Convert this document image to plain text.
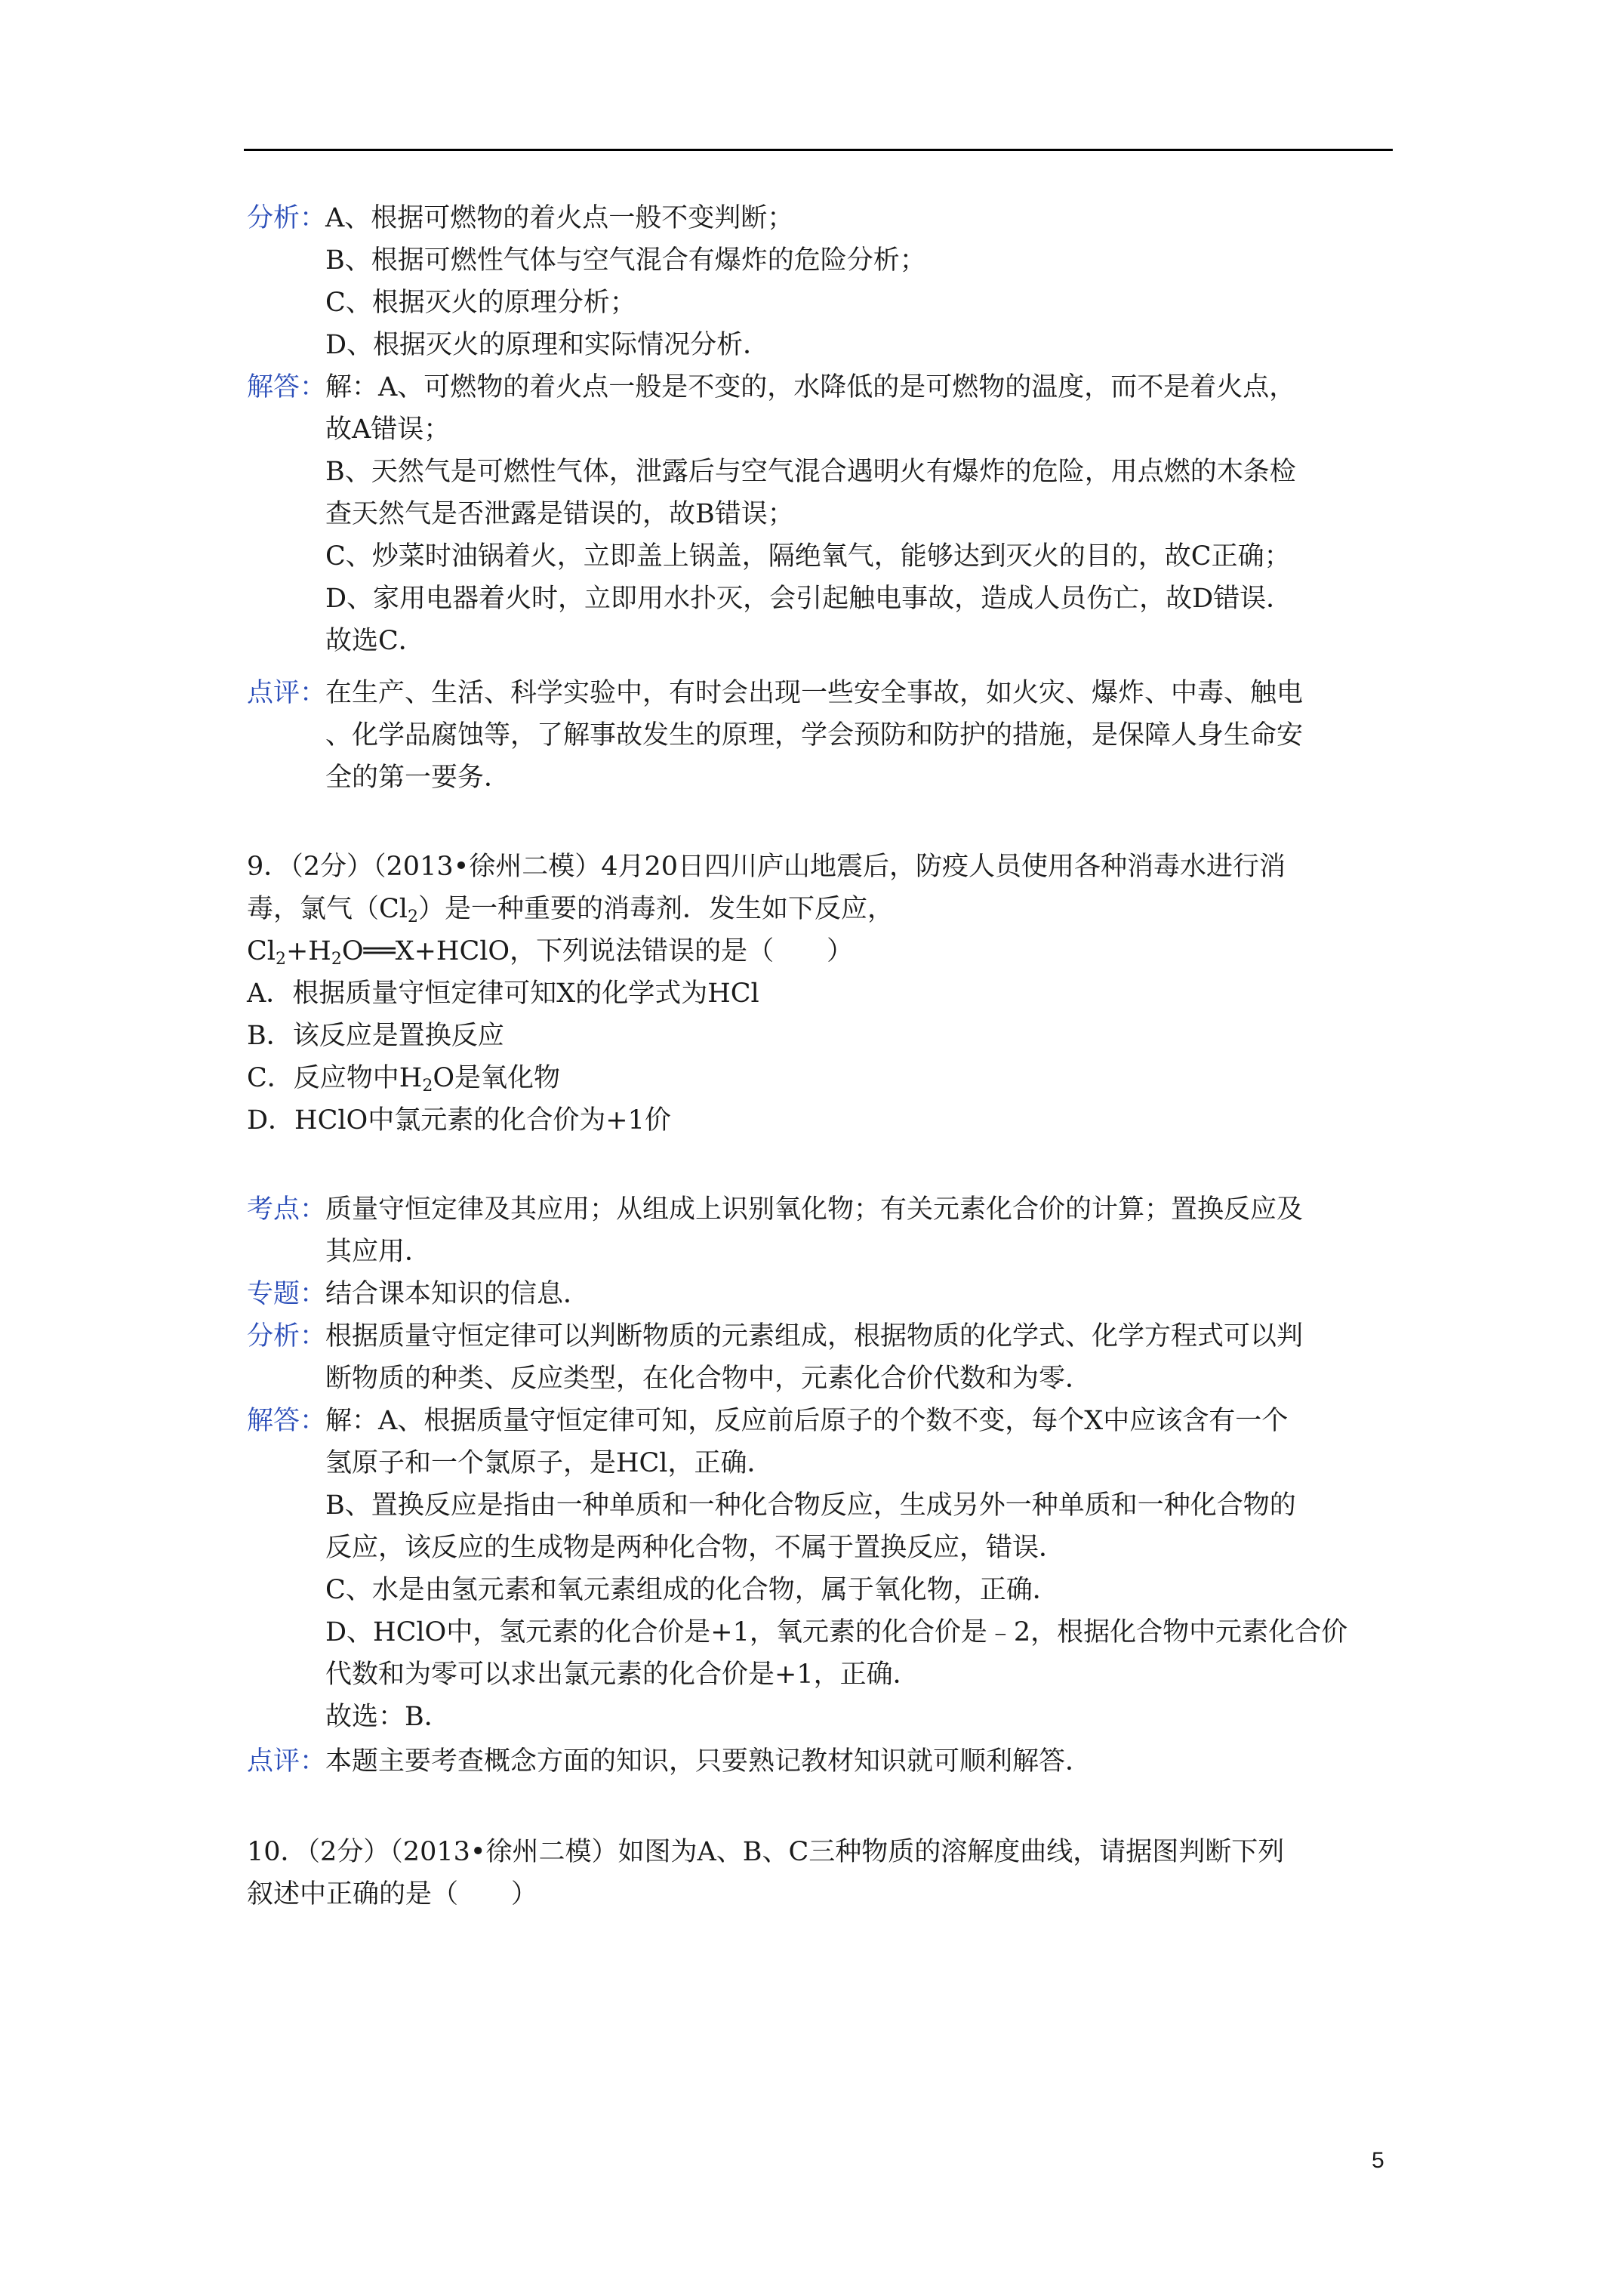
分析：
A、根据可燃物的着火点一般不变判断；
B、根据可燃性气体与空气混合有爆炸的危险分析；
C、根据灭火的原理分析；
D、根据灭火的原理和实际情况分析．
解答：
解：A、可燃物的着火点一般是不变的，水降低的是可燃物的温度，而不是着火点，
故A错误；
B、天然气是可燃性气体，泄露后与空气混合遇明火有爆炸的危险，用点燃的木条检
查天然气是否泄露是错误的，故B错误；
C、炒菜时油锅着火，立即盖上锅盖，隔绝氧气，能够达到灭火的目的，故C正确；
D、家用电器着火时，立即用水扑灭，会引起触电事故，造成人员伤亡，故D错误．
故选C．
点评：
在生产、生活、科学实验中，有时会出现一些安全事故，如火灾、爆炸、中毒、触电
、化学品腐蚀等，了解事故发生的原理，学会预防和防护的措施，是保障人身生命安
全的第一要务．
9．（2分）（2013•徐州二模）4月20日四川庐山地震后，防疫人员使用各种消毒水进行消
毒，氯气$(Cl_2)$是一种重要的消毒剂．发生如下反应，
$Cl_2+H_2O══X+HClO$，下列说法错误的是（　　）
A．根据质量守恒定律可知X的化学式为HCl
B．该反应是置换反应
C．反应物中$H_2O$是氧化物
D．HClO中氯元素的化合价为+1价
考点：
质量守恒定律及其应用；从组成上识别氧化物；有关元素化合价的计算；置换反应及
其应用．
专题：
结合课本知识的信息．
分析：
根据质量守恒定律可以判断物质的元素组成，根据物质的化学式、化学方程式可以判
断物质的种类、反应类型，在化合物中，元素化合价代数和为零．
解答：
解：A、根据质量守恒定律可知，反应前后原子的个数不变，每个X中应该含有一个
氢原子和一个氯原子，是HCl，正确．
B、置换反应是指由一种单质和一种化合物反应，生成另外一种单质和一种化合物的
反应，该反应的生成物是两种化合物，不属于置换反应，错误．
C、水是由氢元素和氧元素组成的化合物，属于氧化物，正确．
D、HClO中，氢元素的化合价是+1，氧元素的化合价是﹣2，根据化合物中元素化合价
代数和为零可以求出氯元素的化合价是+1，正确．
故选：B．
点评：
本题主要考查概念方面的知识，只要熟记教材知识就可顺利解答．
10．（2分）（2013•徐州二模）如图为A、B、C三种物质的溶解度曲线，请据图判断下列
叙述中正确的是（　　）
5
